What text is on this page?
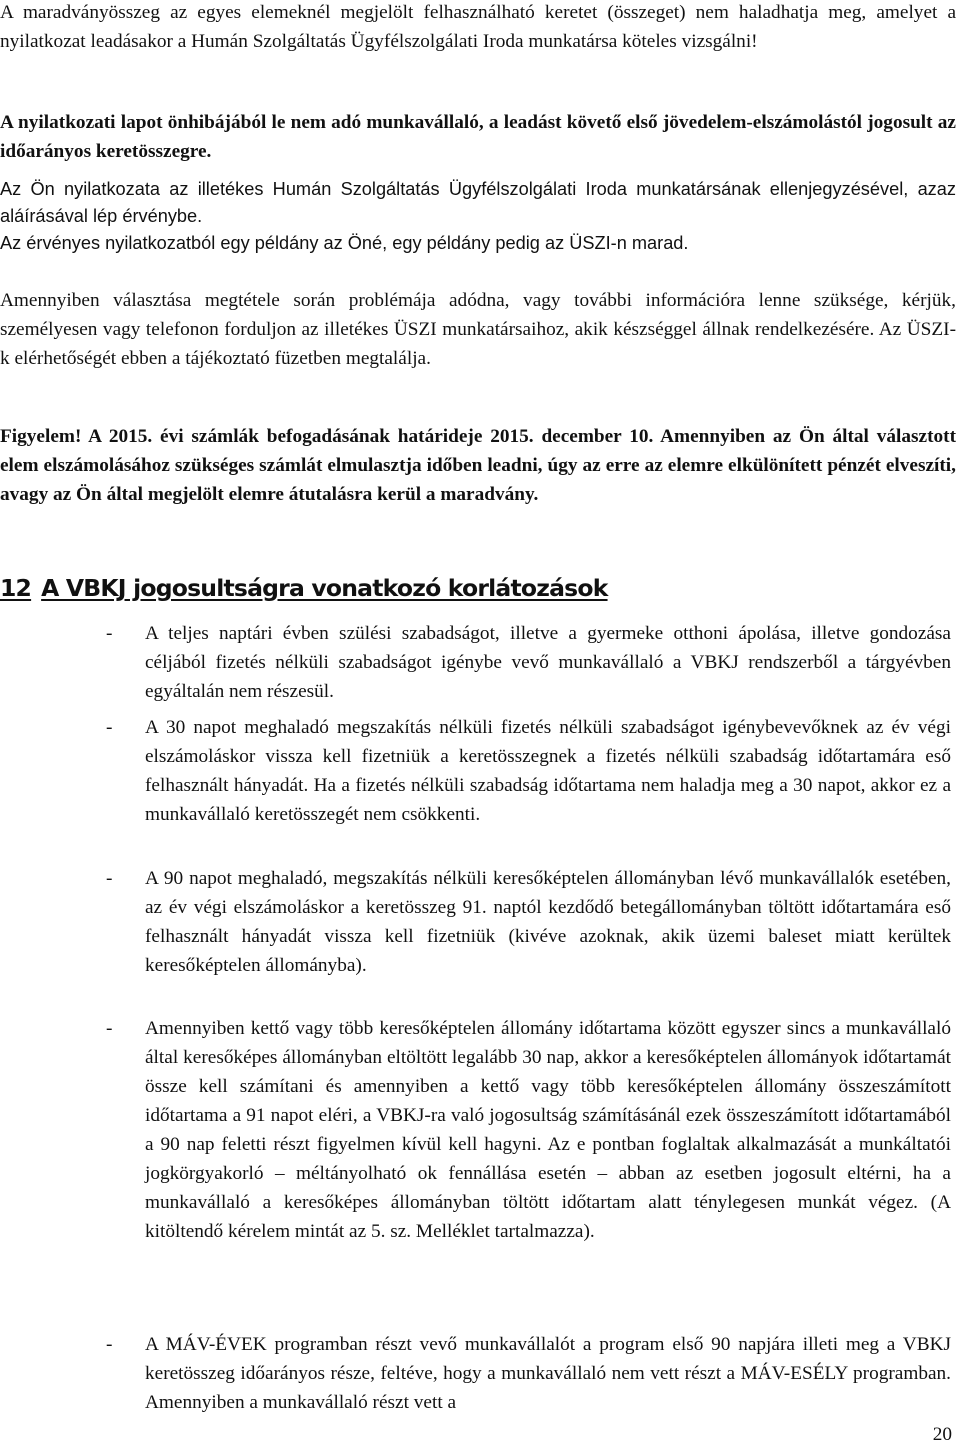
A maradványösszeg az egyes elemeknél megjelölt felhasználható keretet (összeget) nem haladhatja meg, amelyet a nyilatkozat leadásakor a Humán Szolgáltatás Ügyfélszolgálati Iroda munkatársa köteles vizsgálni!

A nyilatkozati lapot önhibájából le nem adó munkavállaló, a leadást követő első jövedelem-elszámolástól jogosult az időarányos keretösszegre.

Az Ön nyilatkozata az illetékes Humán Szolgáltatás Ügyfélszolgálati Iroda munkatársának ellenjegyzésével, azaz aláírásával lép érvénybe.

Az érvényes nyilatkozatból egy példány az Öné, egy példány pedig az ÜSZI-n marad.

Amennyiben választása megtétele során problémája adódna, vagy további információra lenne szüksége, kérjük, személyesen vagy telefonon forduljon az illetékes ÜSZI munkatársaihoz, akik készséggel állnak rendelkezésére. Az ÜSZI-k elérhetőségét ebben a tájékoztató füzetben megtalálja.

Figyelem! A 2015. évi számlák befogadásának határideje 2015. december 10. Amennyiben az Ön által választott elem elszámolásához szükséges számlát elmulasztja időben leadni, úgy az erre az elemre elkülönített pénzét elveszíti, avagy az Ön által megjelölt elemre átutalásra kerül a maradvány.

12 A VBKJ jogosultságra vonatkozó korlátozások
- A teljes naptári évben szülési szabadságot, illetve a gyermeke otthoni ápolása, illetve gondozása céljából fizetés nélküli szabadságot igénybe vevő munkavállaló a VBKJ rendszerből a tárgyévben egyáltalán nem részesül.
- A 30 napot meghaladó megszakítás nélküli fizetés nélküli szabadságot igénybevevőknek az év végi elszámoláskor vissza kell fizetniük a keretösszegnek a fizetés nélküli szabadság időtartamára eső felhasznált hányadát. Ha a fizetés nélküli szabadság időtartama nem haladja meg a 30 napot, akkor ez a munkavállaló keretösszegét nem csökkenti.
- A 90 napot meghaladó, megszakítás nélküli keresőképtelen állományban lévő munkavállalók esetében, az év végi elszámoláskor a keretösszeg 91. naptól kezdődő betegállományban töltött időtartamára eső felhasznált hányadát vissza kell fizetniük (kivéve azoknak, akik üzemi baleset miatt kerültek keresőképtelen állományba).
- Amennyiben kettő vagy több keresőképtelen állomány időtartama között egyszer sincs a munkavállaló által keresőképes állományban eltöltött legalább 30 nap, akkor a keresőképtelen állományok időtartamát össze kell számítani és amennyiben a kettő vagy több keresőképtelen állomány összeszámított időtartama a 91 napot eléri, a VBKJ-ra való jogosultság számításánál ezek összeszámított időtartamából a 90 nap feletti részt figyelmen kívül kell hagyni. Az e pontban foglaltak alkalmazását a munkáltatói jogkörgyakorló – méltányolható ok fennállása esetén – abban az esetben jogosult eltérni, ha a munkavállaló a keresőképes állományban töltött időtartam alatt ténylegesen munkát végez. (A kitöltendő kérelem mintát az 5. sz. Melléklet tartalmazza).
- A MÁV-ÉVEK programban részt vevő munkavállalót a program első 90 napjára illeti meg a VBKJ keretösszeg időarányos része, feltéve, hogy a munkavállaló nem vett részt a MÁV-ESÉLY programban. Amennyiben a munkavállaló részt vett a

20
